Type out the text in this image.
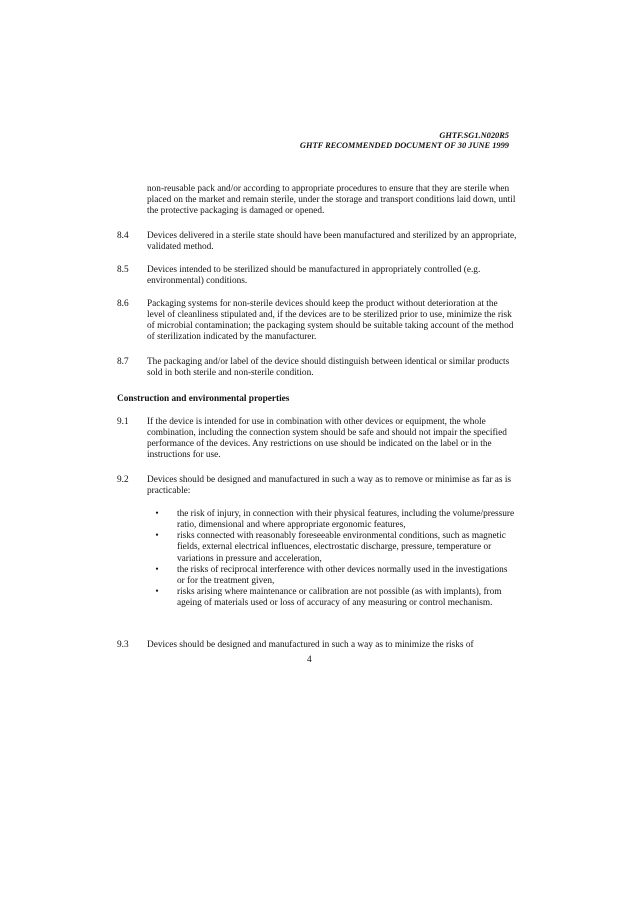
GHTF.SG1.N020R5
GHTF RECOMMENDED DOCUMENT OF 30 JUNE 1999
non-reusable pack and/or according to appropriate procedures to ensure that they are sterile when placed on the market and remain sterile, under the storage and transport conditions laid down, until the protective packaging is damaged or opened.
8.4 Devices delivered in a sterile state should have been manufactured and sterilized by an appropriate, validated method.
8.5 Devices intended to be sterilized should be manufactured in appropriately controlled (e.g. environmental) conditions.
8.6 Packaging systems for non-sterile devices should keep the product without deterioration at the level of cleanliness stipulated and, if the devices are to be sterilized prior to use, minimize the risk of microbial contamination; the packaging system should be suitable taking account of the method of sterilization indicated by the manufacturer.
8.7 The packaging and/or label of the device should distinguish between identical or similar products sold in both sterile and non-sterile condition.
Construction and environmental properties
9.1 If the device is intended for use in combination with other devices or equipment, the whole combination, including the connection system should be safe and should not impair the specified performance of the devices. Any restrictions on use should be indicated on the label or in the instructions for use.
9.2 Devices should be designed and manufactured in such a way as to remove or minimise as far as is practicable:
•	the risk of injury, in connection with their physical features, including the volume/pressure ratio, dimensional and where appropriate ergonomic features,
•	risks connected with reasonably foreseeable environmental conditions, such as magnetic fields, external electrical influences, electrostatic discharge, pressure, temperature or variations in pressure and acceleration,
•	the risks of reciprocal interference with other devices normally used in the investigations or for the treatment given,
•	risks arising where maintenance or calibration are not possible (as with implants), from ageing of materials used or loss of accuracy of any measuring or control mechanism.
9.3 Devices should be designed and manufactured in such a way as to minimize the risks of
4
